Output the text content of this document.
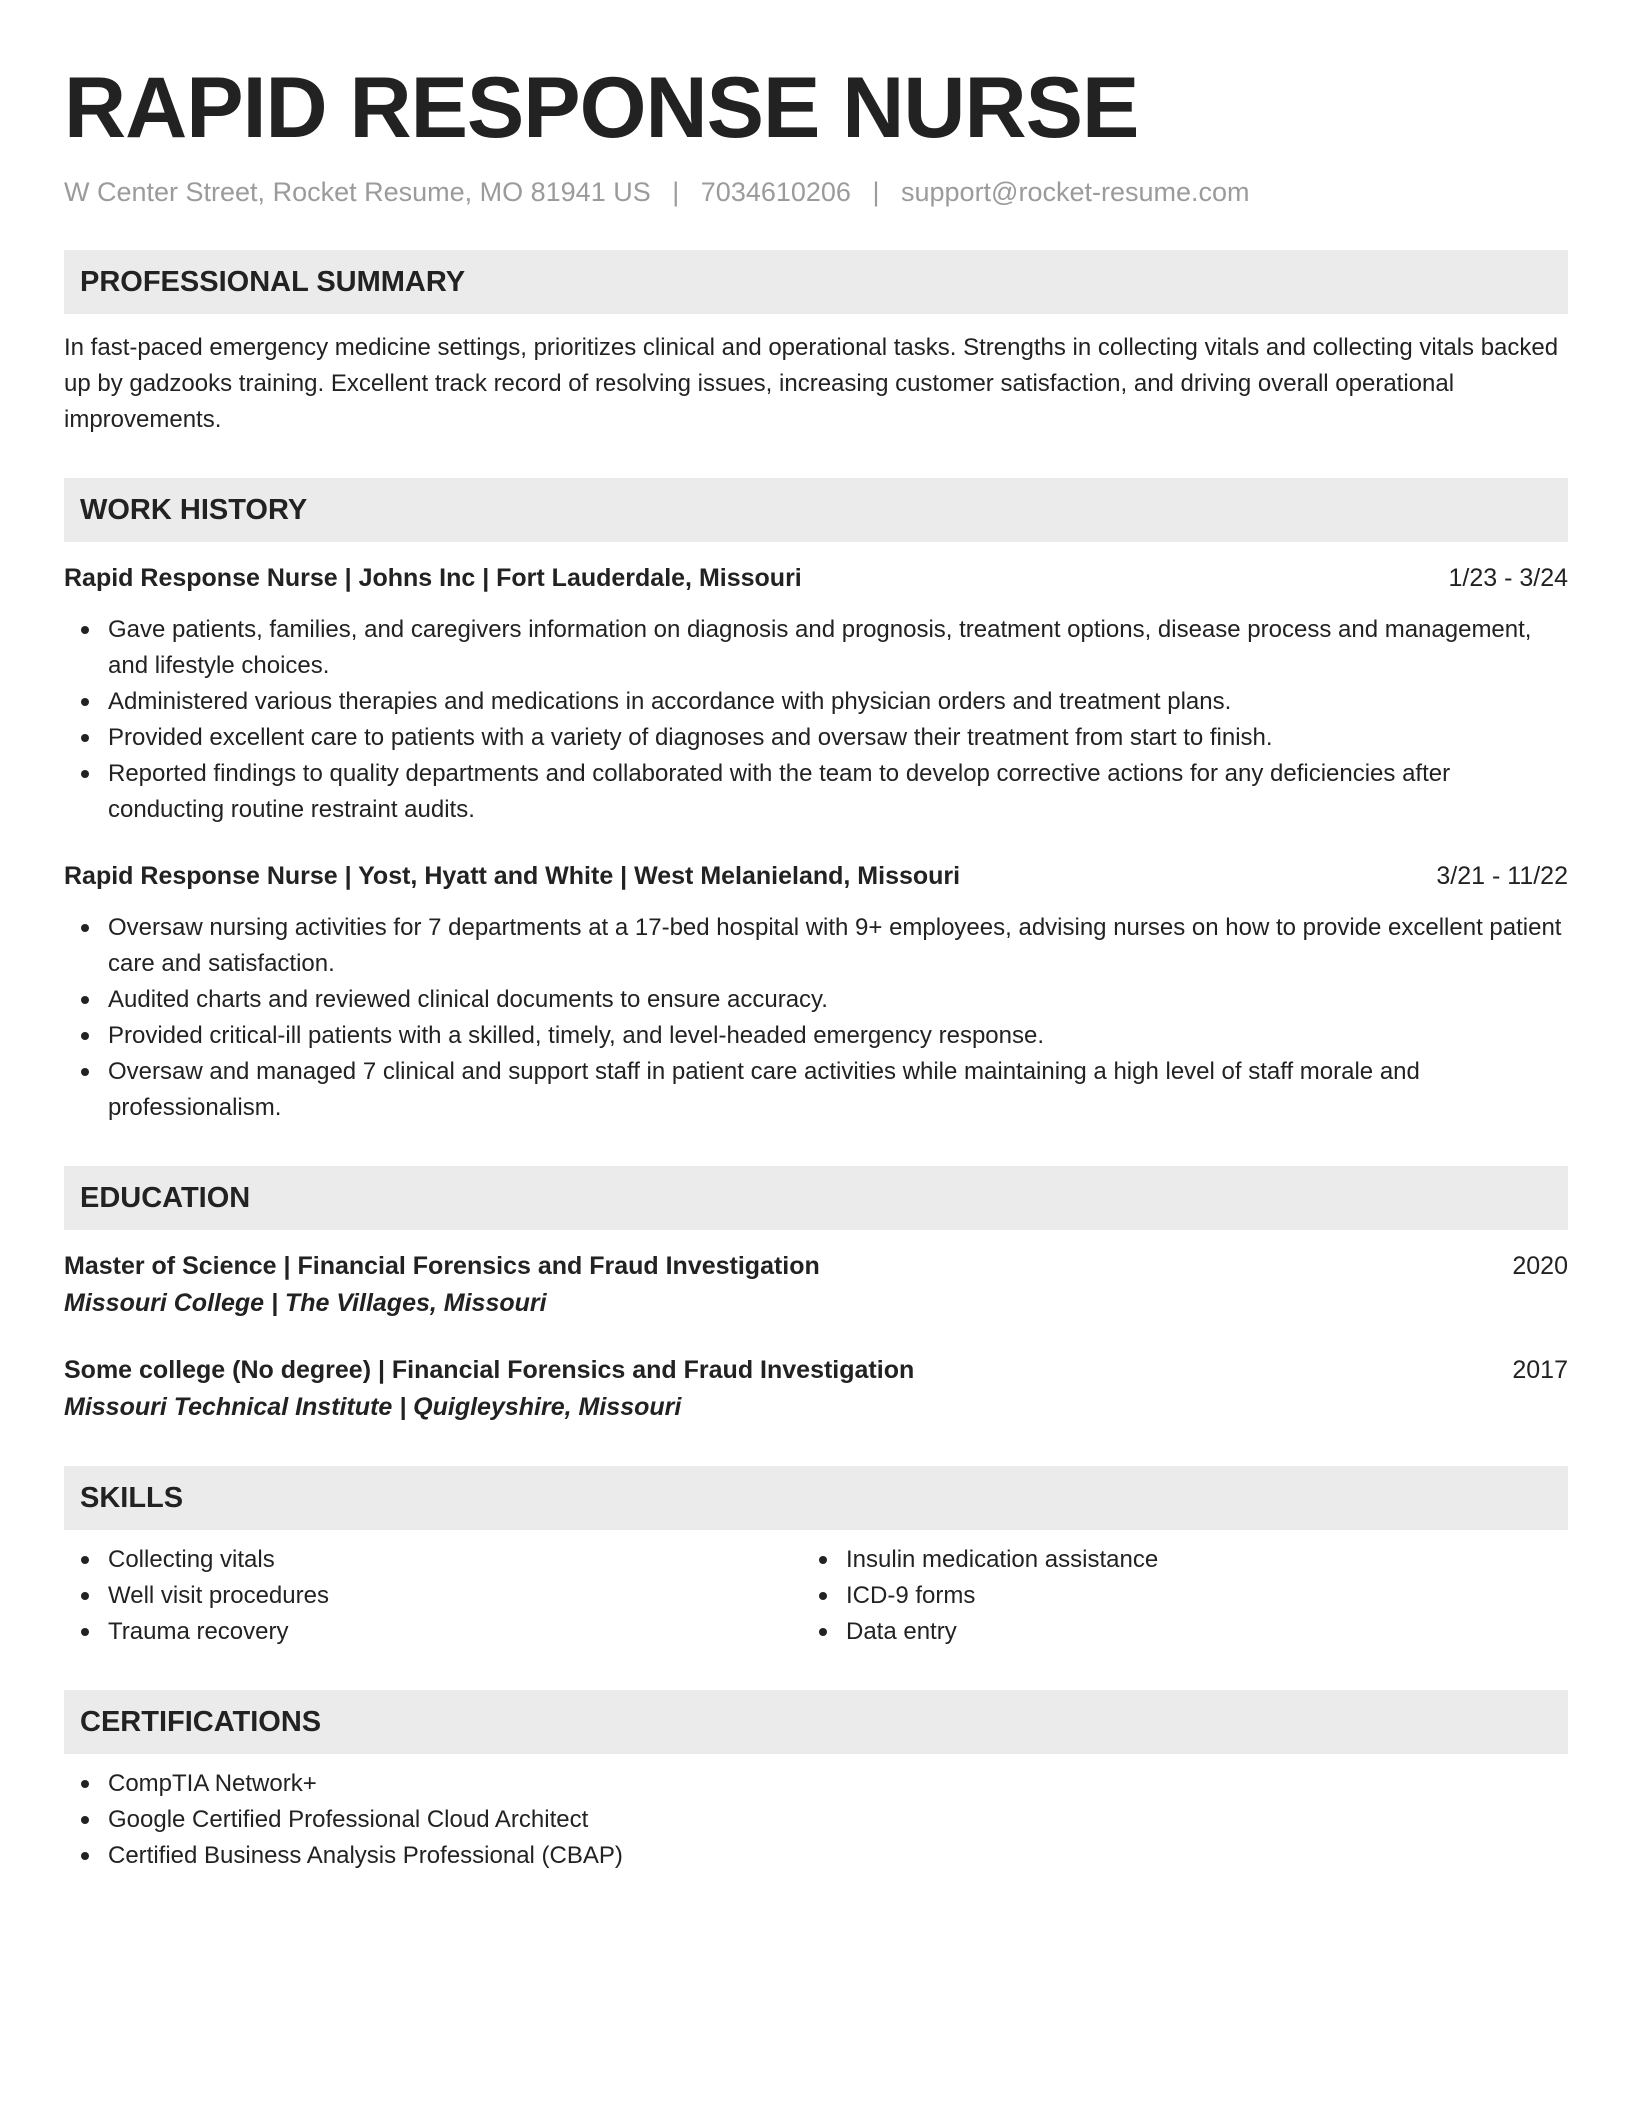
RAPID RESPONSE NURSE
W Center Street, Rocket Resume, MO 81941 US | 7034610206 | support@rocket-resume.com
PROFESSIONAL SUMMARY
In fast-paced emergency medicine settings, prioritizes clinical and operational tasks. Strengths in collecting vitals and collecting vitals backed up by gadzooks training. Excellent track record of resolving issues, increasing customer satisfaction, and driving overall operational improvements.
WORK HISTORY
Rapid Response Nurse | Johns Inc | Fort Lauderdale, Missouri	1/23 - 3/24
Gave patients, families, and caregivers information on diagnosis and prognosis, treatment options, disease process and management, and lifestyle choices.
Administered various therapies and medications in accordance with physician orders and treatment plans.
Provided excellent care to patients with a variety of diagnoses and oversaw their treatment from start to finish.
Reported findings to quality departments and collaborated with the team to develop corrective actions for any deficiencies after conducting routine restraint audits.
Rapid Response Nurse | Yost, Hyatt and White | West Melanieland, Missouri	3/21 - 11/22
Oversaw nursing activities for 7 departments at a 17-bed hospital with 9+ employees, advising nurses on how to provide excellent patient care and satisfaction.
Audited charts and reviewed clinical documents to ensure accuracy.
Provided critical-ill patients with a skilled, timely, and level-headed emergency response.
Oversaw and managed 7 clinical and support staff in patient care activities while maintaining a high level of staff morale and professionalism.
EDUCATION
Master of Science | Financial Forensics and Fraud Investigation	2020
Missouri College | The Villages, Missouri
Some college (No degree) | Financial Forensics and Fraud Investigation	2017
Missouri Technical Institute | Quigleyshire, Missouri
SKILLS
Collecting vitals
Well visit procedures
Trauma recovery
Insulin medication assistance
ICD-9 forms
Data entry
CERTIFICATIONS
CompTIA Network+
Google Certified Professional Cloud Architect
Certified Business Analysis Professional (CBAP)
